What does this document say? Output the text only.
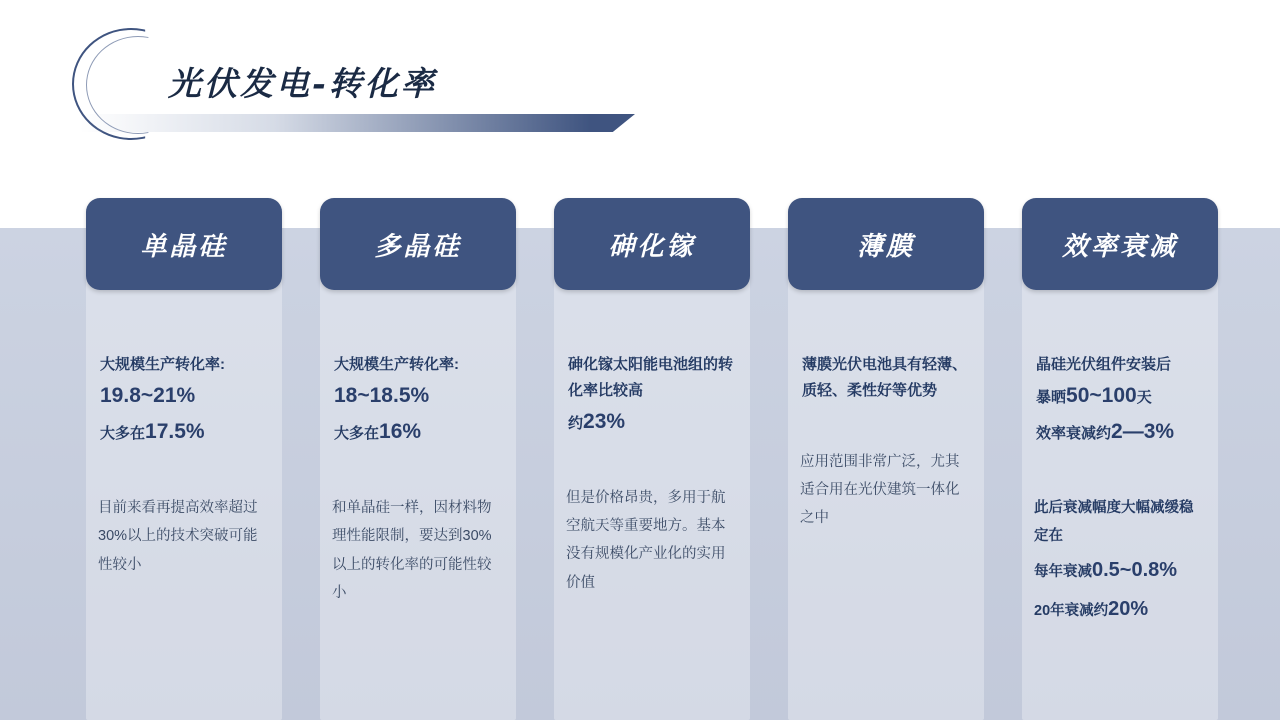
光伏发电-转化率
单晶硅
大规模生产转化率:
19.8~21%
大多在17.5%
目前来看再提高效率超过30%以上的技术突破可能性较小
多晶硅
大规模生产转化率:
18~18.5%
大多在16%
和单晶硅一样，因材料物理性能限制，要达到30%以上的转化率的可能性较小
砷化镓
砷化镓太阳能电池组的转化率比较高
约23%
但是价格昂贵，多用于航空航天等重要地方。基本没有规模化产业化的实用价值
薄膜
薄膜光伏电池具有轻薄、质轻、柔性好等优势
应用范围非常广泛，尤其适合用在光伏建筑一体化之中
效率衰减
晶硅光伏组件安装后
暴晒50~100天
效率衰减约2—3%
此后衰减幅度大幅减缓稳定在
每年衰减0.5~0.8%
20年衰减约20%
